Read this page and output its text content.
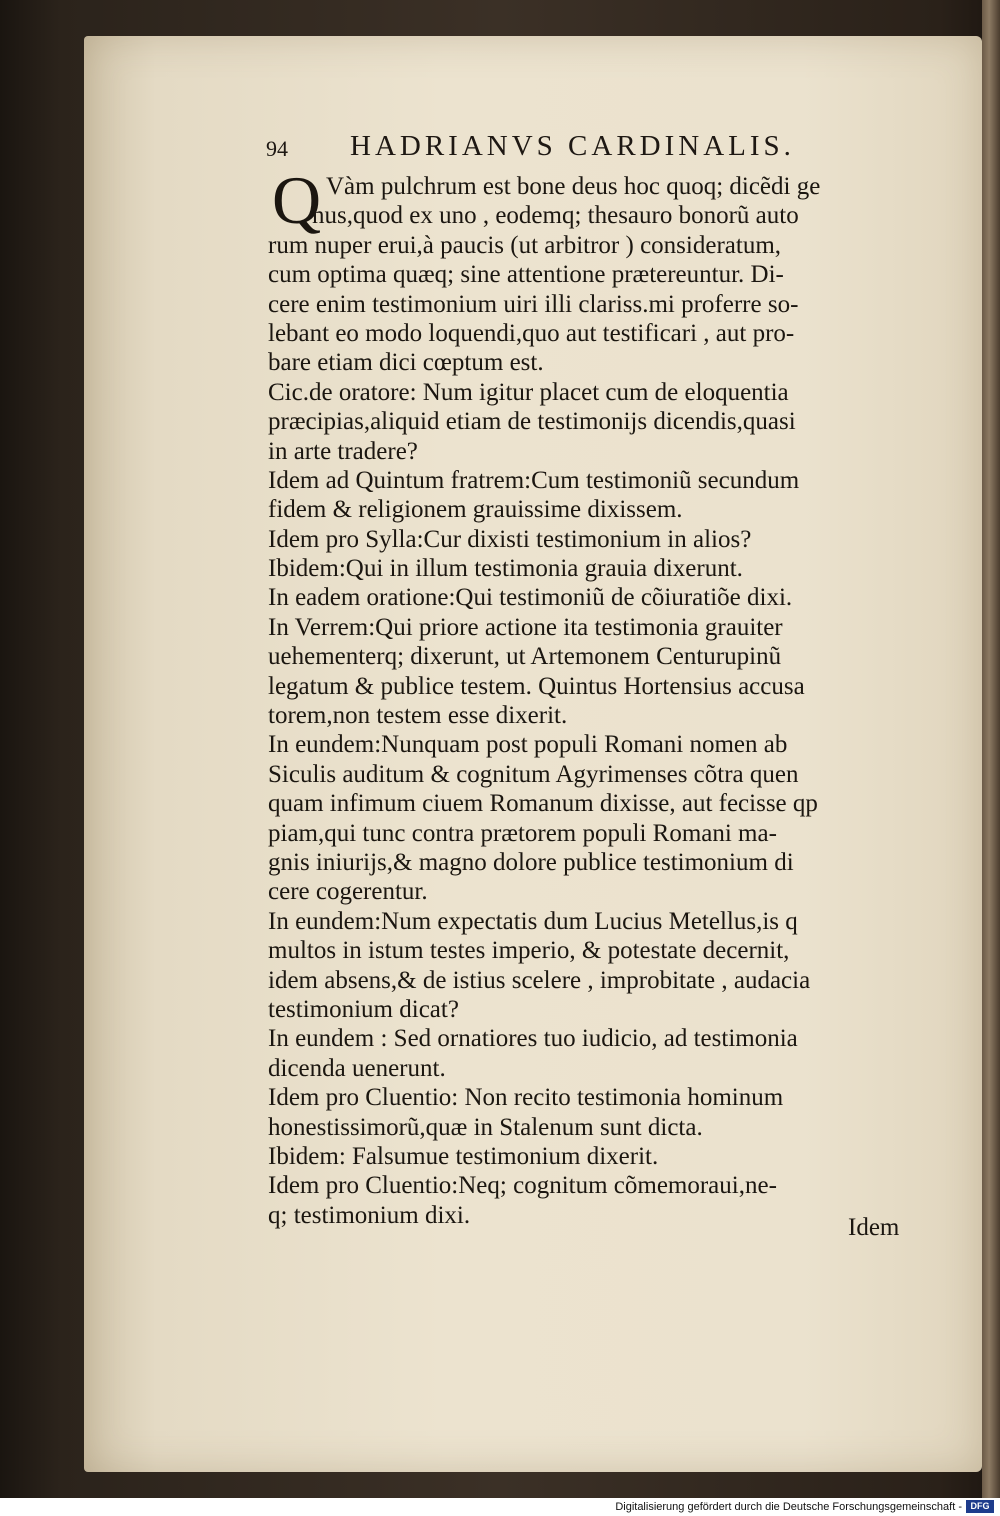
94 HADRIANVS CARDINALIS.
Q Vàm pulchrum est bone deus hoc quoq; dicẽdi ge
nus,quod ex uno , eodemq; thesauro bonorũ auto
rum nuper erui,à paucis (ut arbitror ) consideratum,
cum optima quæq; sine attentione prætereuntur. Di-
cere enim testimonium uiri illi clariss.mi proferre so-
lebant eo modo loquendi,quo aut testificari , aut pro-
bare etiam dici cœptum est.
Cic.de oratore: Num igitur placet cum de eloquentia
præcipias,aliquid etiam de testimonijs dicendis,quasi
in arte tradere?
Idem ad Quintum fratrem:Cum testimoniũ secundum
fidem & religionem grauissime dixissem.
Idem pro Sylla:Cur dixisti testimonium in alios?
Ibidem:Qui in illum testimonia grauia dixerunt.
In eadem oratione:Qui testimoniũ de cõiuratiõe dixi.
In Verrem:Qui priore actione ita testimonia grauiter
uehementerq; dixerunt, ut Artemonem Centurupinũ
legatum & publice testem. Quintus Hortensius accusa
torem,non testem esse dixerit.
In eundem:Nunquam post populi Romani nomen ab
Siculis auditum & cognitum Agyrimenses cõtra quen
quam infimum ciuem Romanum dixisse, aut fecisse qp
piam,qui tunc contra prætorem populi Romani ma-
gnis iniurijs,& magno dolore publice testimonium di
cere cogerentur.
In eundem:Num expectatis dum Lucius Metellus,is q
multos in istum testes imperio, & potestate decernit,
idem absens,& de istius scelere , improbitate , audacia
testimonium dicat?
In eundem : Sed ornatiores tuo iudicio, ad testimonia
dicenda uenerunt.
Idem pro Cluentio: Non recito testimonia hominum
honestissimorũ,quæ in Stalenum sunt dicta.
Ibidem: Falsumue testimonium dixerit.
Idem pro Cluentio:Neq; cognitum cõmemoraui,ne-
q; testimonium dixi.	Idem
Digitalisierung gefördert durch die Deutsche Forschungsgemeinschaft - DFG
